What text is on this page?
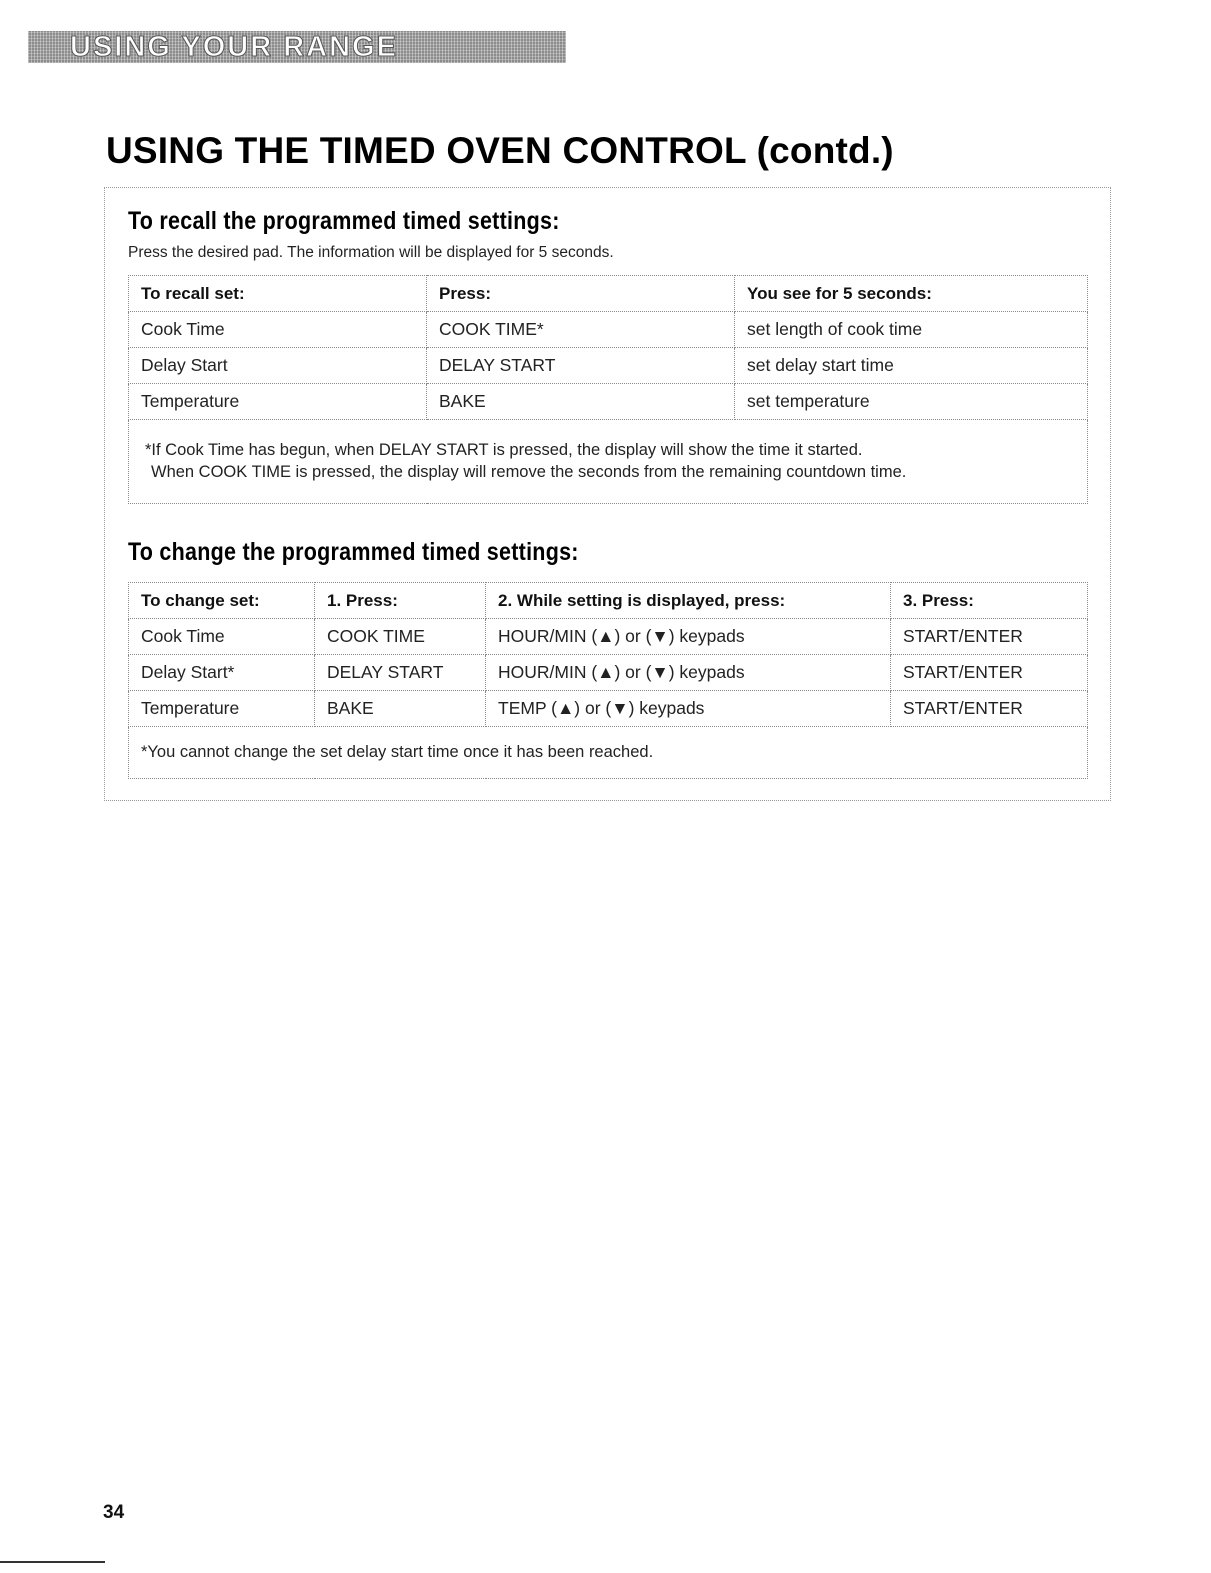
USING YOUR RANGE
USING THE TIMED OVEN CONTROL (contd.)
To recall the programmed timed settings:

Press the desired pad. The information will be displayed for 5 seconds.

To recall set:	Press:	You see for 5 seconds:
Cook Time	COOK TIME*	set length of cook time
Delay Start	DELAY START	set delay start time
Temperature	BAKE	set temperature

*If Cook Time has begun, when DELAY START is pressed, the display will show the time it started.
When COOK TIME is pressed, the display will remove the seconds from the remaining countdown time.		
To change the programmed timed settings:
To change set:	1. Press:	2. While setting is displayed, press:	3. Press:
Cook Time	COOK TIME	HOUR/MIN (▲) or (▼) keypads	START/ENTER
Delay Start*	DELAY START	HOUR/MIN (▲) or (▼) keypads	START/ENTER
Temperature	BAKE	TEMP (▲) or (▼) keypads	START/ENTER
*You cannot change the set delay start time once it has been reached.			

34
